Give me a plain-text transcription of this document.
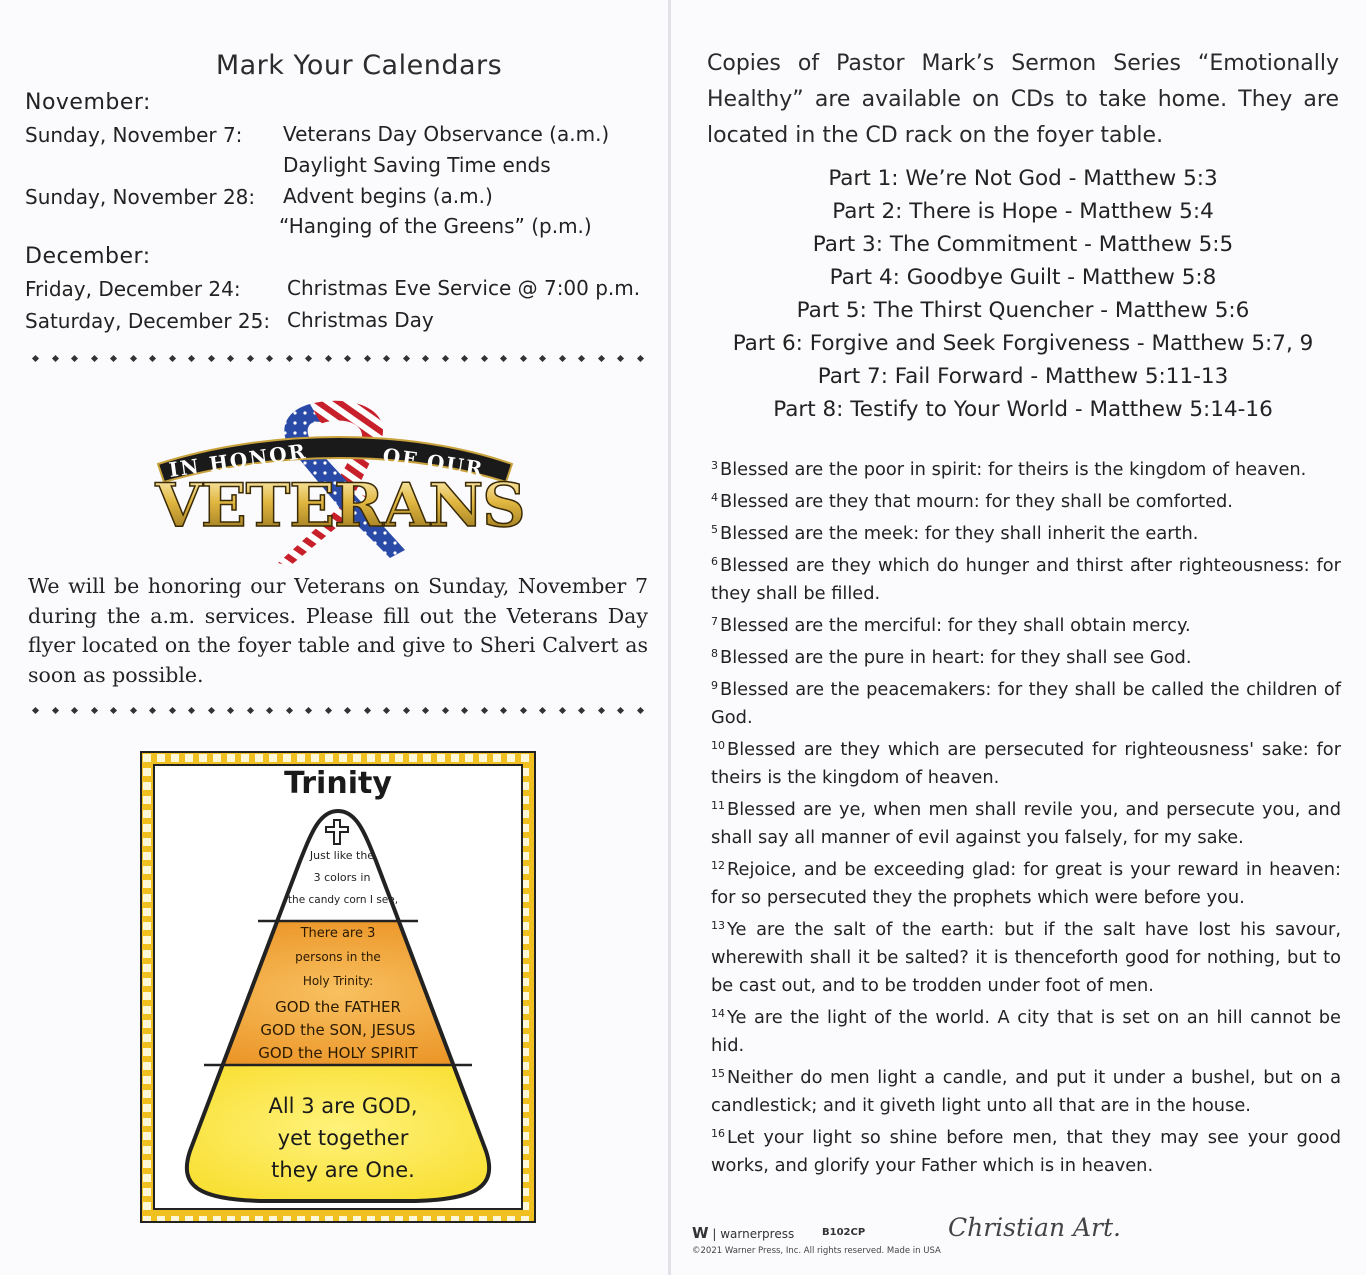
Mark Your Calendars
November:
Sunday, November 7: Veterans Day Observance (a.m.)
Daylight Saving Time ends
Sunday, November 28: Advent begins (a.m.)
“Hanging of the Greens” (p.m.)
December:
Friday, December 24: Christmas Eve Service @ 7:00 p.m.
Saturday, December 25: Christmas Day
IN HONOR	OF OUR
VETERANS
We will be honoring our Veterans on Sunday, November 7 during the a.m. services. Please fill out the Veterans Day flyer located on the foyer table and give to Sheri Calvert as soon as possible.
Trinity
Just like the
3 colors in
the candy corn I see,
There are 3
persons in the
Holy Trinity:
GOD the FATHER
GOD the SON, JESUS
GOD the HOLY SPIRIT
All 3 are GOD,
yet together
they are One.
Copies of Pastor Mark’s Sermon Series “Emotionally Healthy” are available on CDs to take home. They are located in the CD rack on the foyer table.
Part 1: We’re Not God - Matthew 5:3
Part 2: There is Hope - Matthew 5:4
Part 3: The Commitment - Matthew 5:5
Part 4: Goodbye Guilt - Matthew 5:8
Part 5: The Thirst Quencher - Matthew 5:6
Part 6: Forgive and Seek Forgiveness - Matthew 5:7, 9
Part 7: Fail Forward - Matthew 5:11-13
Part 8: Testify to Your World - Matthew 5:14-16
$^3$ Blessed are the poor in spirit: for theirs is the kingdom of heaven.
$^4$ Blessed are they that mourn: for they shall be comforted.
$^5$ Blessed are the meek: for they shall inherit the earth.
$^6$ Blessed are they which do hunger and thirst after righteousness: for they shall be filled.
$^7$ Blessed are the merciful: for they shall obtain mercy.
$^8$ Blessed are the pure in heart: for they shall see God.
$^9$ Blessed are the peacemakers: for they shall be called the children of God.
$^{10}$ Blessed are they which are persecuted for righteousness' sake: for theirs is the kingdom of heaven.
$^{11}$ Blessed are ye, when men shall revile you, and persecute you, and shall say all manner of evil against you falsely, for my sake.
$^{12}$ Rejoice, and be exceeding glad: for great is your reward in heaven: for so persecuted they the prophets which were before you.
$^{13}$ Ye are the salt of the earth: but if the salt have lost his savour, wherewith shall it be salted? it is thenceforth good for nothing, but to be cast out, and to be trodden under foot of men.
$^{14}$ Ye are the light of the world. A city that is set on an hill cannot be hid.
$^{15}$ Neither do men light a candle, and put it under a bushel, but on a candlestick; and it giveth light unto all that are in the house.
$^{16}$ Let your light so shine before men, that they may see your good works, and glorify your Father which is in heaven.
W | warnerpress	B102CP
©2021 Warner Press, Inc. All rights reserved. Made in USA
Christian Art.
